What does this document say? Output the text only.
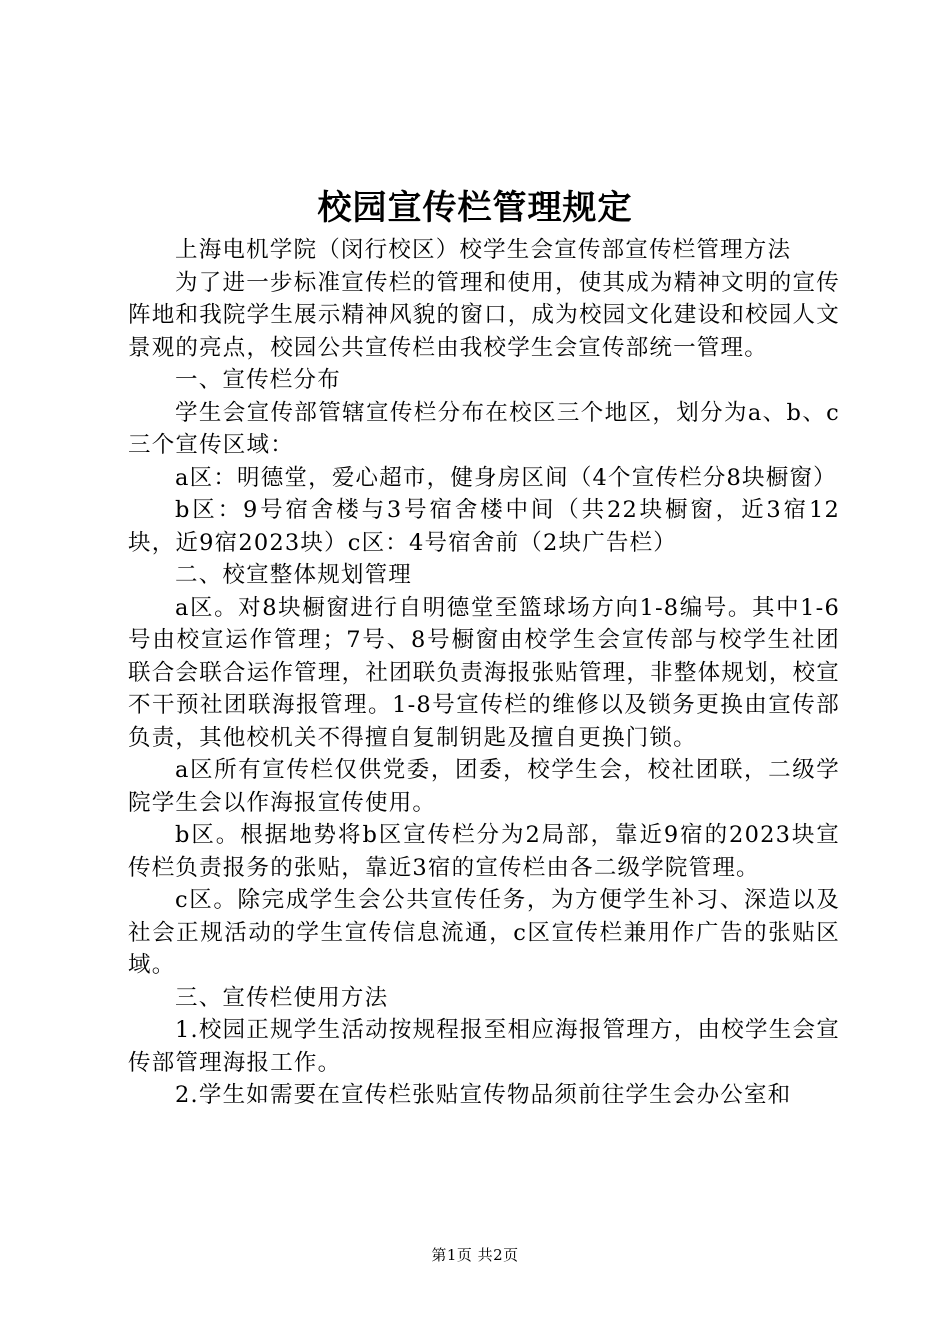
校园宣传栏管理规定

上海电机学院（闵行校区）校学生会宣传部宣传栏管理方法

为了进一步标准宣传栏的管理和使用，使其成为精神文明的宣传阵地和我院学生展示精神风貌的窗口，成为校园文化建设和校园人文景观的亮点，校园公共宣传栏由我校学生会宣传部统一管理。

一、宣传栏分布

学生会宣传部管辖宣传栏分布在校区三个地区，划分为a、b、c三个宣传区域：

a区：明德堂，爱心超市，健身房区间（4个宣传栏分8块橱窗）

b区：9号宿舍楼与3号宿舍楼中间（共22块橱窗，近3宿12块，近9宿2023块）c区：4号宿舍前（2块广告栏）

二、校宣整体规划管理

a区。对8块橱窗进行自明德堂至篮球场方向1-8编号。其中1-6号由校宣运作管理；7号、8号橱窗由校学生会宣传部与校学生社团联合会联合运作管理，社团联负责海报张贴管理，非整体规划，校宣不干预社团联海报管理。1-8号宣传栏的维修以及锁务更换由宣传部负责，其他校机关不得擅自复制钥匙及擅自更换门锁。

a区所有宣传栏仅供党委，团委，校学生会，校社团联，二级学院学生会以作海报宣传使用。

b区。根据地势将b区宣传栏分为2局部，靠近9宿的2023块宣传栏负责报务的张贴，靠近3宿的宣传栏由各二级学院管理。

c区。除完成学生会公共宣传任务，为方便学生补习、深造以及社会正规活动的学生宣传信息流通，c区宣传栏兼用作广告的张贴区域。

三、宣传栏使用方法

1.校园正规学生活动按规程报至相应海报管理方，由校学生会宣传部管理海报工作。

2.学生如需要在宣传栏张贴宣传物品须前往学生会办公室和

第1页 共2页
